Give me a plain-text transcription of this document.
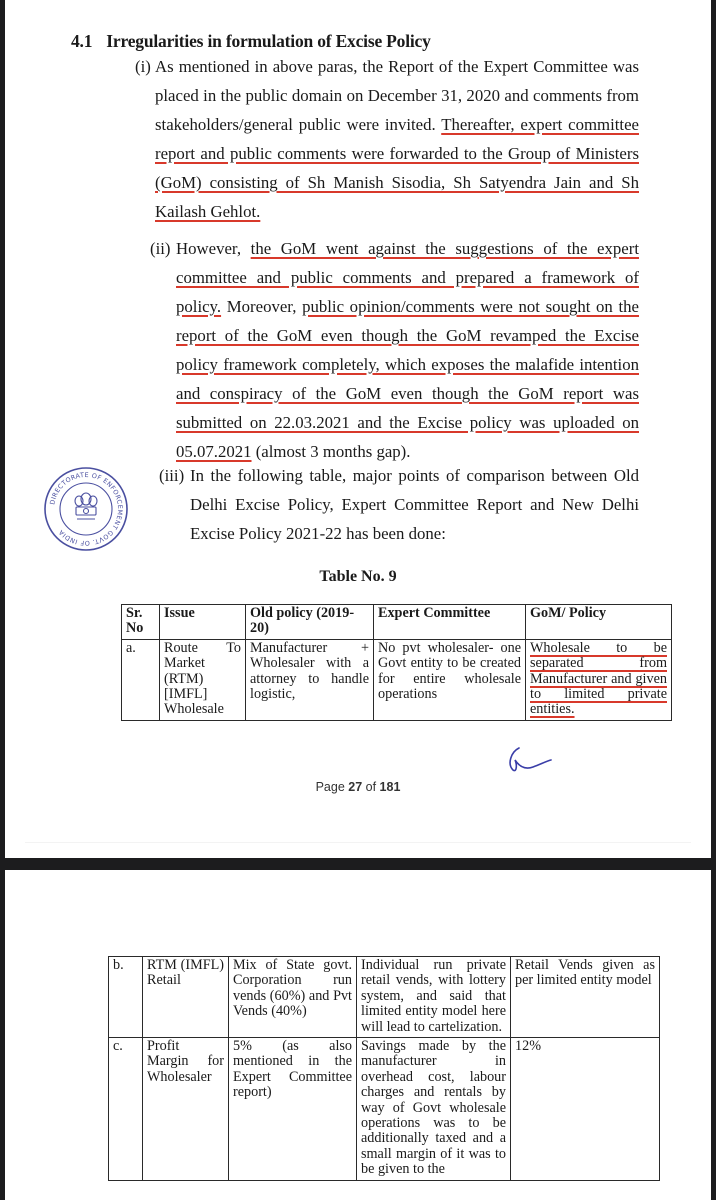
4.1 Irregularities in formulation of Excise Policy
(i) As mentioned in above paras, the Report of the Expert Committee was placed in the public domain on December 31, 2020 and comments from stakeholders/general public were invited. Thereafter, expert committee report and public comments were forwarded to the Group of Ministers (GoM) consisting of Sh Manish Sisodia, Sh Satyendra Jain and Sh Kailash Gehlot.
(ii) However, the GoM went against the suggestions of the expert committee and public comments and prepared a framework of policy. Moreover, public opinion/comments were not sought on the report of the GoM even though the GoM revamped the Excise policy framework completely, which exposes the malafide intention and conspiracy of the GoM even though the GoM report was submitted on 22.03.2021 and the Excise policy was uploaded on 05.07.2021 (almost 3 months gap).
DIRECTORATE OF ENFORCEMENT GOVT. OF INDIA
(iii) In the following table, major points of comparison between Old Delhi Excise Policy, Expert Committee Report and New Delhi Excise Policy 2021-22 has been done:
Table No. 9
Sr. No	Issue	Old policy (2019-20)	Expert Committee	GoM/ Policy
a.	Route To Market (RTM) [IMFL] Wholesale	Manufacturer + Wholesaler with a attorney to handle logistic,	No pvt wholesaler- one Govt entity to be created for entire wholesale operations	Wholesale to be separated from Manufacturer and given to limited private entities.
Page 27 of 181
b.	RTM (IMFL) Retail	Mix of State govt. Corporation run vends (60%) and Pvt Vends (40%)	Individual run private retail vends, with lottery system, and said that limited entity model here will lead to cartelization.	Retail Vends given as per limited entity model
c.	Profit Margin for Wholesaler	5% (as also mentioned in the Expert Committee report)	Savings made by the manufacturer in overhead cost, labour charges and rentals by way of Govt wholesale operations was to be additionally taxed and a small margin of it was to be given to the	12%
